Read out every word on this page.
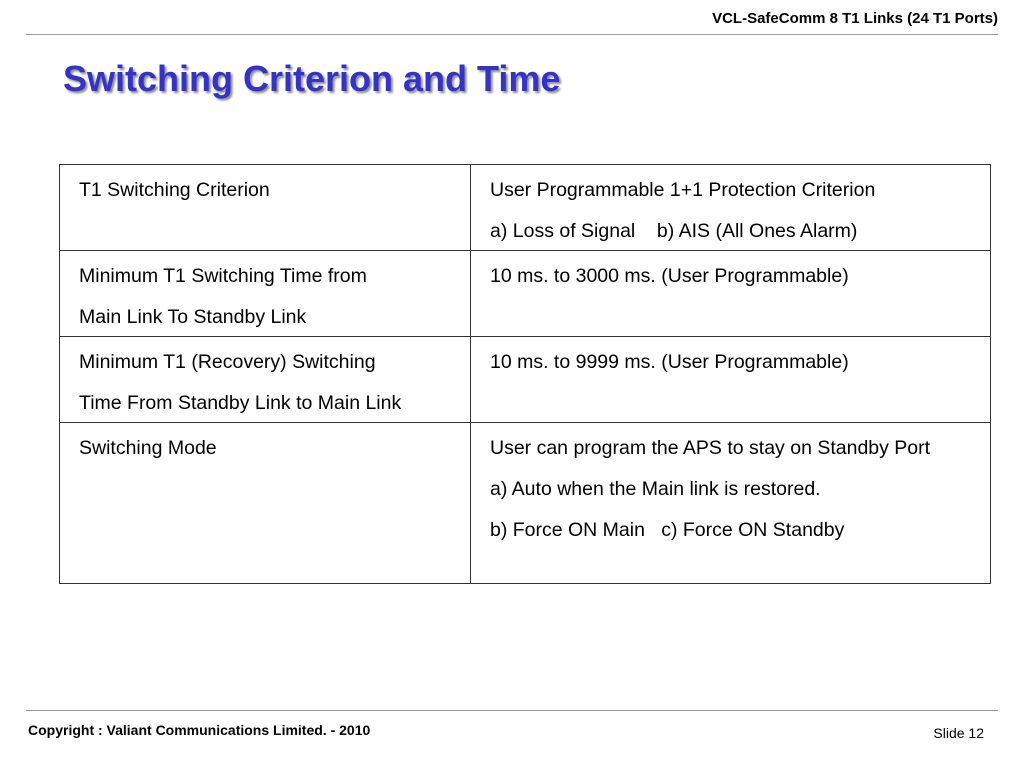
VCL-SafeComm 8 T1 Links (24 T1 Ports)
Switching Criterion and Time
T1 Switching Criterion	User Programmable 1+1 Protection Criterion
a) Loss of Signal    b) AIS (All Ones Alarm)

Minimum T1 Switching Time from
Main Link To Standby Link	10 ms. to 3000 ms. (User Programmable)

Minimum T1 (Recovery) Switching
Time From Standby Link to Main Link	10 ms. to 9999 ms. (User Programmable)

Switching Mode	User can program the APS to stay on Standby Port
a) Auto when the Main link is restored.
b) Force ON Main   c) Force ON Standby
Copyright : Valiant Communications Limited. - 2010	Slide 12
